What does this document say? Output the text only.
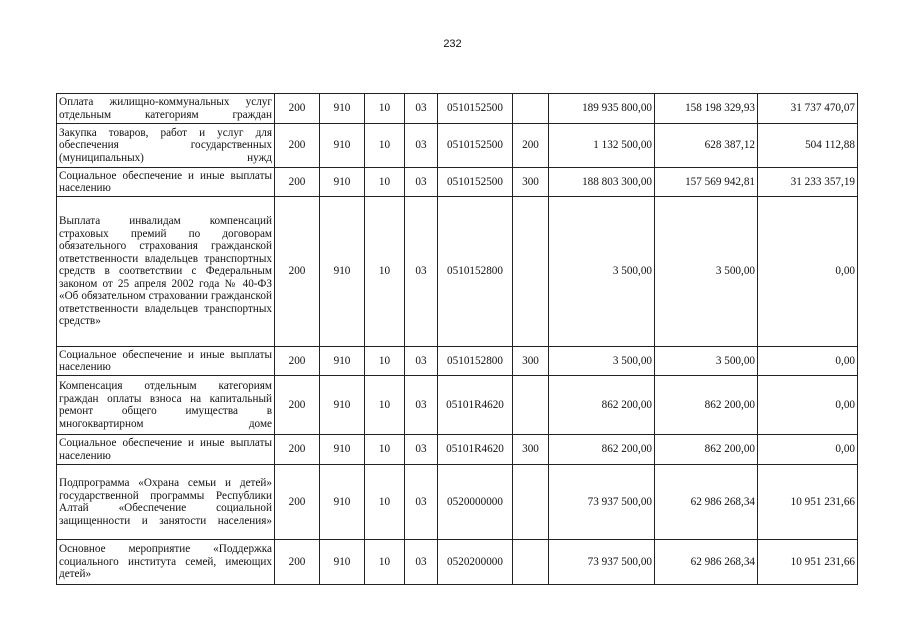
232
Оплата жилищно-коммунальных услуг отдельным категориям граждан	200	910	10	03	0510152500		189 935 800,00	158 198 329,93	31 737 470,07
Закупка товаров, работ и услуг для обеспечения государственных (муниципальных) нужд	200	910	10	03	0510152500	200	1 132 500,00	628 387,12	504 112,88
Социальное обеспечение и иные выплаты населению	200	910	10	03	0510152500	300	188 803 300,00	157 569 942,81	31 233 357,19
Выплата инвалидам компенсаций страховых премий по договорам обязательного страхования гражданской ответственности владельцев транспортных средств в соответствии с Федеральным законом от 25 апреля 2002 года № 40-ФЗ «Об обязательном страховании гражданской ответственности владельцев транспортных средств»	200	910	10	03	0510152800		3 500,00	3 500,00	0,00
Социальное обеспечение и иные выплаты населению	200	910	10	03	0510152800	300	3 500,00	3 500,00	0,00
Компенсация отдельным категориям граждан оплаты взноса на капитальный ремонт общего имущества в многоквартирном доме	200	910	10	03	05101R4620		862 200,00	862 200,00	0,00
Социальное обеспечение и иные выплаты населению	200	910	10	03	05101R4620	300	862 200,00	862 200,00	0,00
Подпрограмма «Охрана семьи и детей» государственной программы Республики Алтай «Обеспечение социальной защищенности и занятости населения»	200	910	10	03	0520000000		73 937 500,00	62 986 268,34	10 951 231,66
Основное мероприятие «Поддержка социального института семей, имеющих детей»	200	910	10	03	0520200000		73 937 500,00	62 986 268,34	10 951 231,66
